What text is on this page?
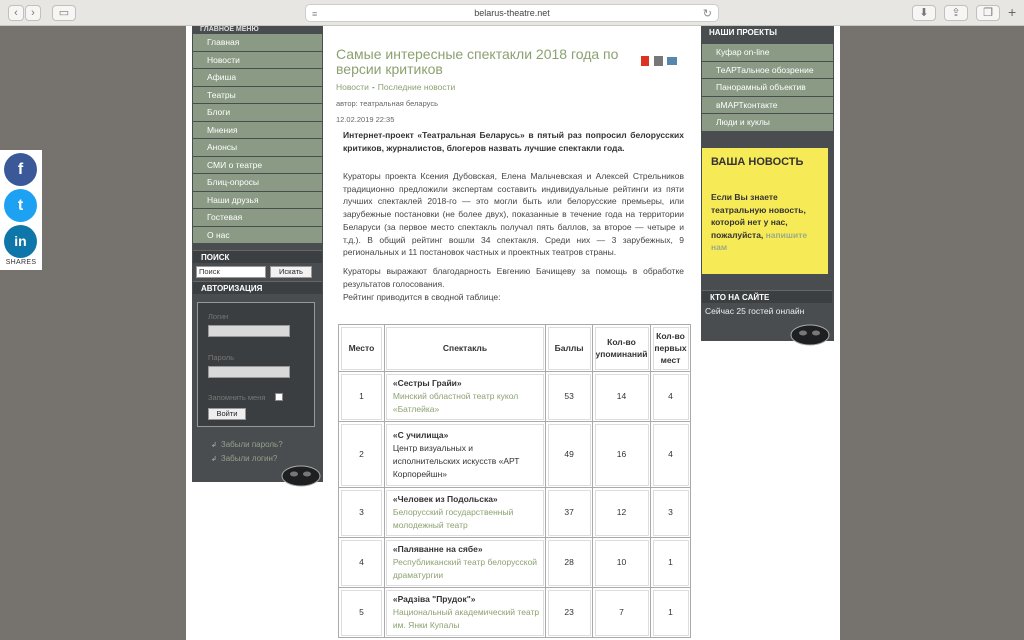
‹	›	▭	≡	belarus-theatre.net	↻	⬇	⇪	❐	+
f
t
in
SHARES
ГЛАВНОЕ МЕНЮ
Главная
Новости
Афиша
Театры
Блоги
Мнения
Анонсы
СМИ о театре
Блиц-опросы
Наши друзья
Гостевая
О нас
ПОИСК
Поиск	Искать
АВТОРИЗАЦИЯ
Логин
Пароль
Запомнить меня
Войти
↲ Забыли пароль?
↲ Забыли логин?
Самые интересные спектакли 2018 года по версии критиков
Новости - Последние новости
автор: театральная беларусь
12.02.2019 22:35
Интернет-проект «Театральная Беларусь» в пятый раз попросил белорусских критиков, журналистов, блогеров назвать лучшие спектакли года.
Кураторы проекта Ксения Дубовская, Елена Мальчевская и Алексей Стрельников традиционно предложили экспертам составить индивидуальные рейтинги из пяти лучших спектаклей 2018-го — это могли быть или белорусские премьеры, или зарубежные постановки (не более двух), показанные в течение года на территории Беларуси (за первое место спектакль получал пять баллов, за второе — четыре и т.д.). В общий рейтинг вошли 34 спектакля. Среди них — 3 зарубежных, 9 региональных и 11 постановок частных и проектных театров страны.
Кураторы выражают благодарность Евгению Бачищеву за помощь в обработке результатов голосования.
Рейтинг приводится в сводной таблице:
Место	Спектакль	Баллы	Кол-во упоминаний	Кол-во первых мест
1	«Сестры Грайи»
Минский областной театр кукол «Батлейка»	53	14	4
2	«С училища»
Центр визуальных и исполнительских искусств «АРТ Корпорейшн»	49	16	4
3	«Человек из Подольска»
Белорусский государственный молодежный театр	37	12	3
4	«Паляванне на сябе»
Республиканский театр белорусской драматургии	28	10	1
5	«Радзiва "Прудок"»
Национальный академический театр им. Янки Купалы	23	7	1
НАШИ ПРОЕКТЫ
Куфар on-line
ТеАРТальное обозрение
Панорамный объектив
вМАРТконтакте
Люди и куклы
ВАША НОВОСТЬ
Если Вы знаете театральную новость, которой нет у нас, пожалуйста, напишите нам
КТО НА САЙТЕ
Сейчас 25 гостей онлайн
